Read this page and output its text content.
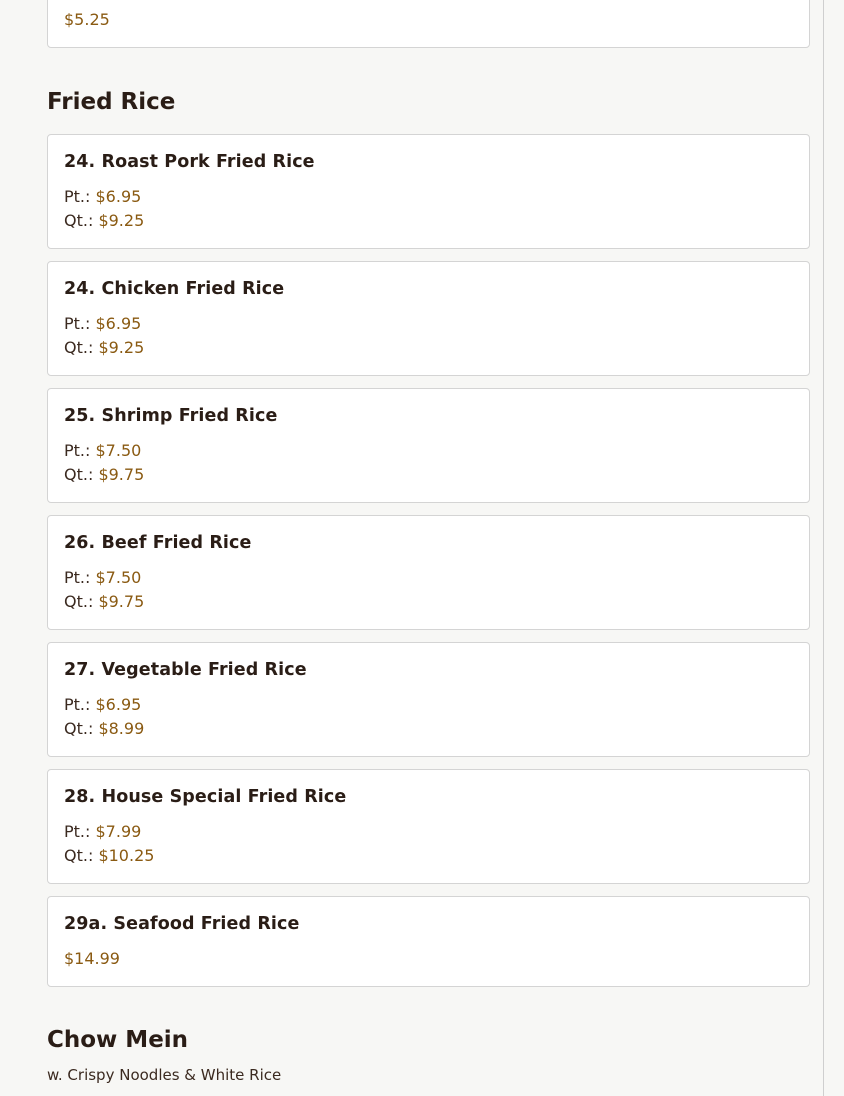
$5.25
Fried Rice
24. Roast Pork Fried Rice
Pt.: $6.95
Qt.: $9.25
24. Chicken Fried Rice
Pt.: $6.95
Qt.: $9.25
25. Shrimp Fried Rice
Pt.: $7.50
Qt.: $9.75
26. Beef Fried Rice
Pt.: $7.50
Qt.: $9.75
27. Vegetable Fried Rice
Pt.: $6.95
Qt.: $8.99
28. House Special Fried Rice
Pt.: $7.99
Qt.: $10.25
29a. Seafood Fried Rice
$14.99
Chow Mein
w. Crispy Noodles & White Rice
